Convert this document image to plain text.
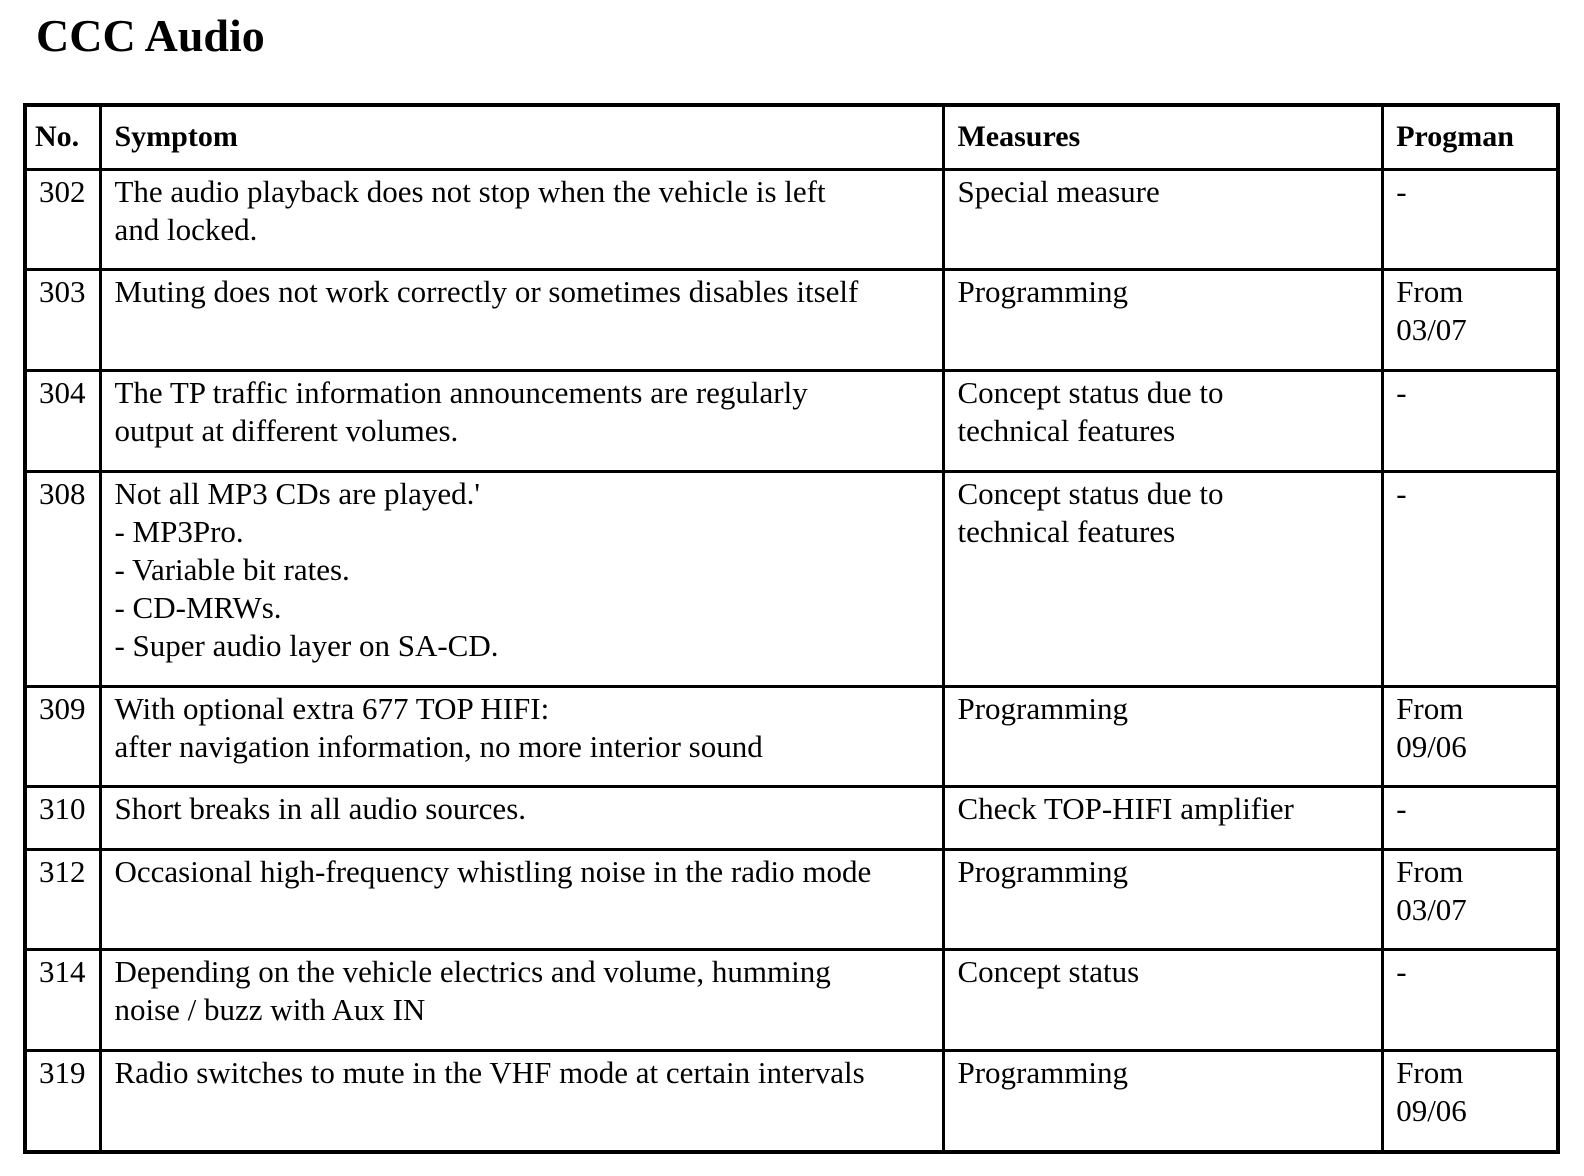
CCC Audio
No.	Symptom	Measures	Progman
302	The audio playback does not stop when the vehicle is left
and locked.	Special measure	-
303	Muting does not work correctly or sometimes disables itself	Programming	From
03/07
304	The TP traffic information announcements are regularly
output at different volumes.	Concept status due to
technical features	-
308	Not all MP3 CDs are played.'
- MP3Pro.
- Variable bit rates.
- CD-MRWs.
- Super audio layer on SA-CD.	Concept status due to
technical features	-
309	With optional extra 677 TOP HIFI:
after navigation information, no more interior sound	Programming	From
09/06
310	Short breaks in all audio sources.	Check TOP-HIFI amplifier	-
312	Occasional high-frequency whistling noise in the radio mode	Programming	From
03/07
314	Depending on the vehicle electrics and volume, humming
noise / buzz with Aux IN	Concept status	-
319	Radio switches to mute in the VHF mode at certain intervals	Programming	From
09/06
